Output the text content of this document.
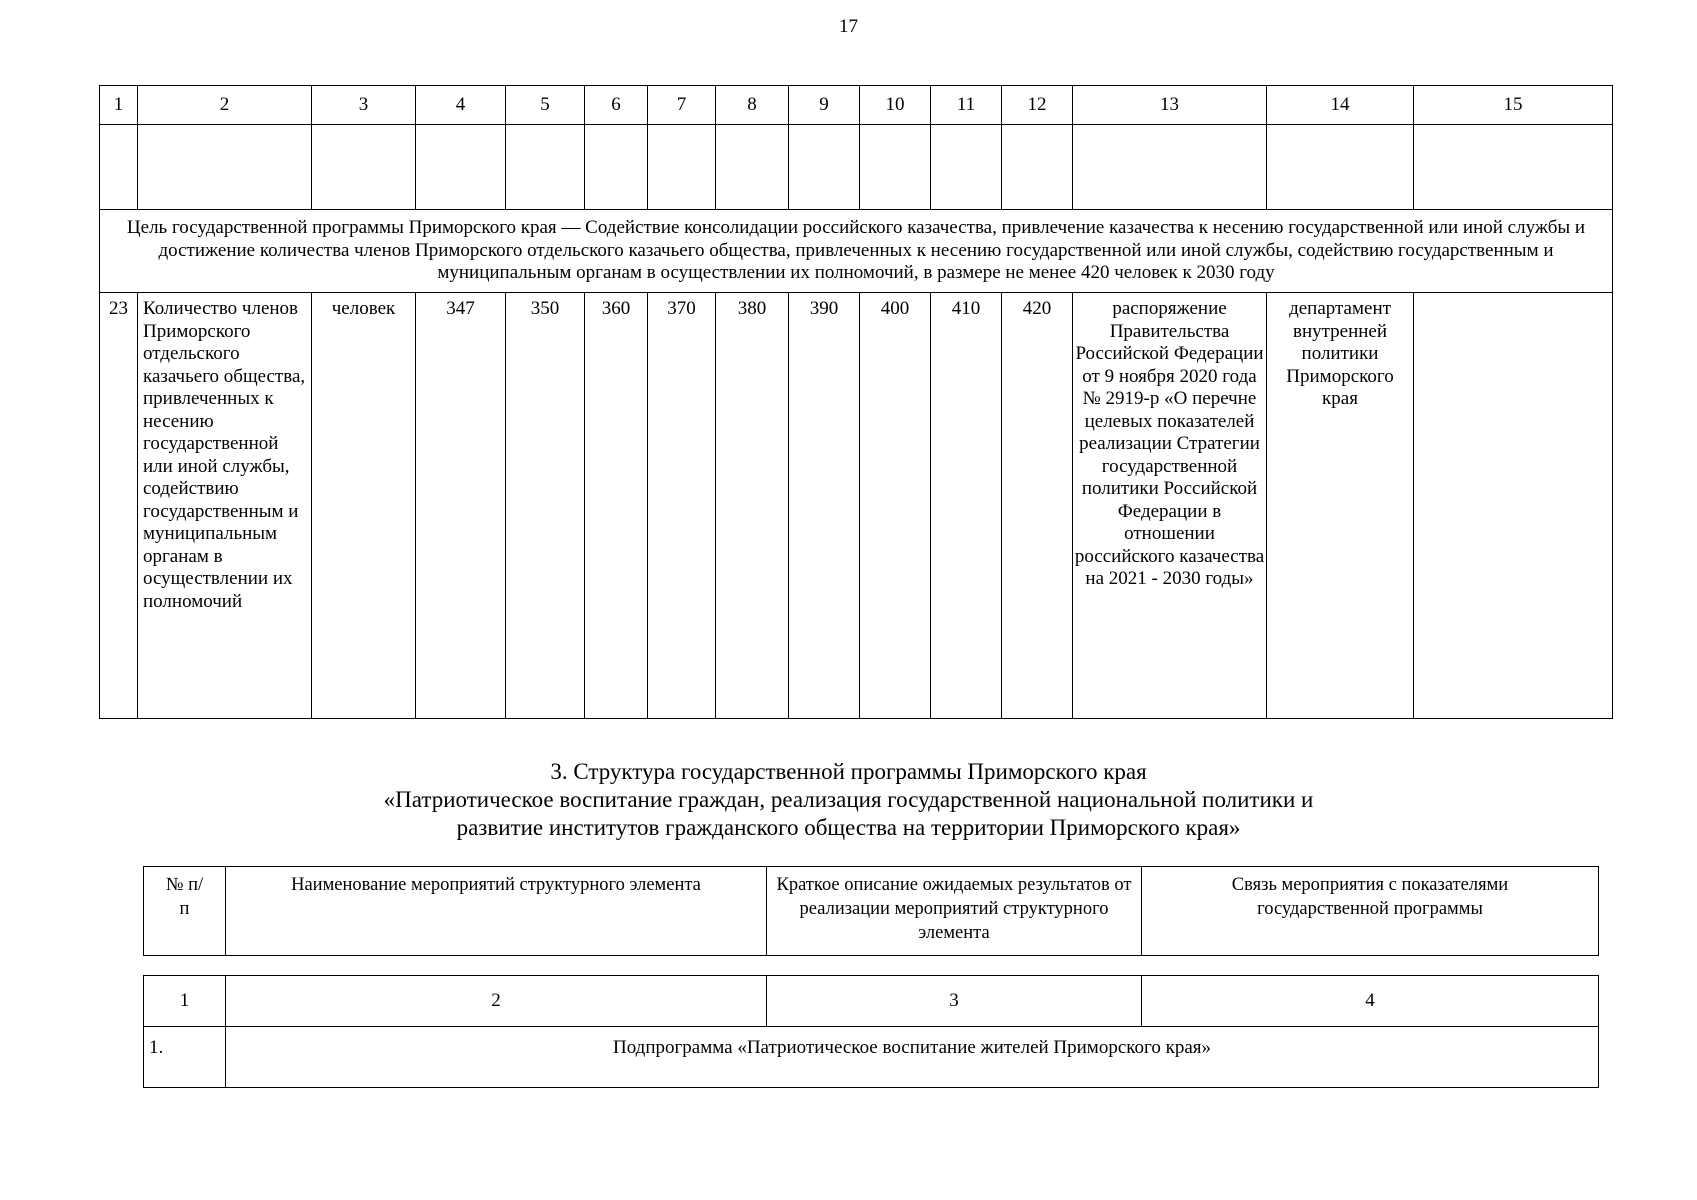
17
1	2	3	4	5	6	7	8	9	10	11	12	13	14	15

Цель государственной программы Приморского края — Содействие консолидации российского казачества, привлечение казачества к несению государственной или иной службы и достижение количества членов Приморского отдельского казачьего общества, привлеченных к несению государственной или иной службы, содействию государственным и муниципальным органам в осуществлении их полномочий, в размере не менее 420 человек к 2030 году														
23	Количество членов Приморского отдельского казачьего общества, привлеченных к несению государственной или иной службы, содействию государственным и муниципальным органам в осуществлении их полномочий	человек	347	350	360	370	380	390	400	410	420	распоряжение Правительства Российской Федерации от 9 ноября 2020 года № 2919-р «О перечне целевых показателей реализации Стратегии государственной политики Российской Федерации в отношении российского казачества на 2021 - 2030 годы»	департамент внутренней политики Приморского края	
3. Структура государственной программы Приморского края
«Патриотическое воспитание граждан, реализация государственной национальной политики и
развитие институтов гражданского общества на территории Приморского края»
№ п/п	Наименование мероприятий структурного элемента	Краткое описание ожидаемых результатов от реализации мероприятий структурного элемента	Связь мероприятия с показателями государственной программы
1	2	3	4
1.	Подпрограмма «Патриотическое воспитание жителей Приморского края»		
